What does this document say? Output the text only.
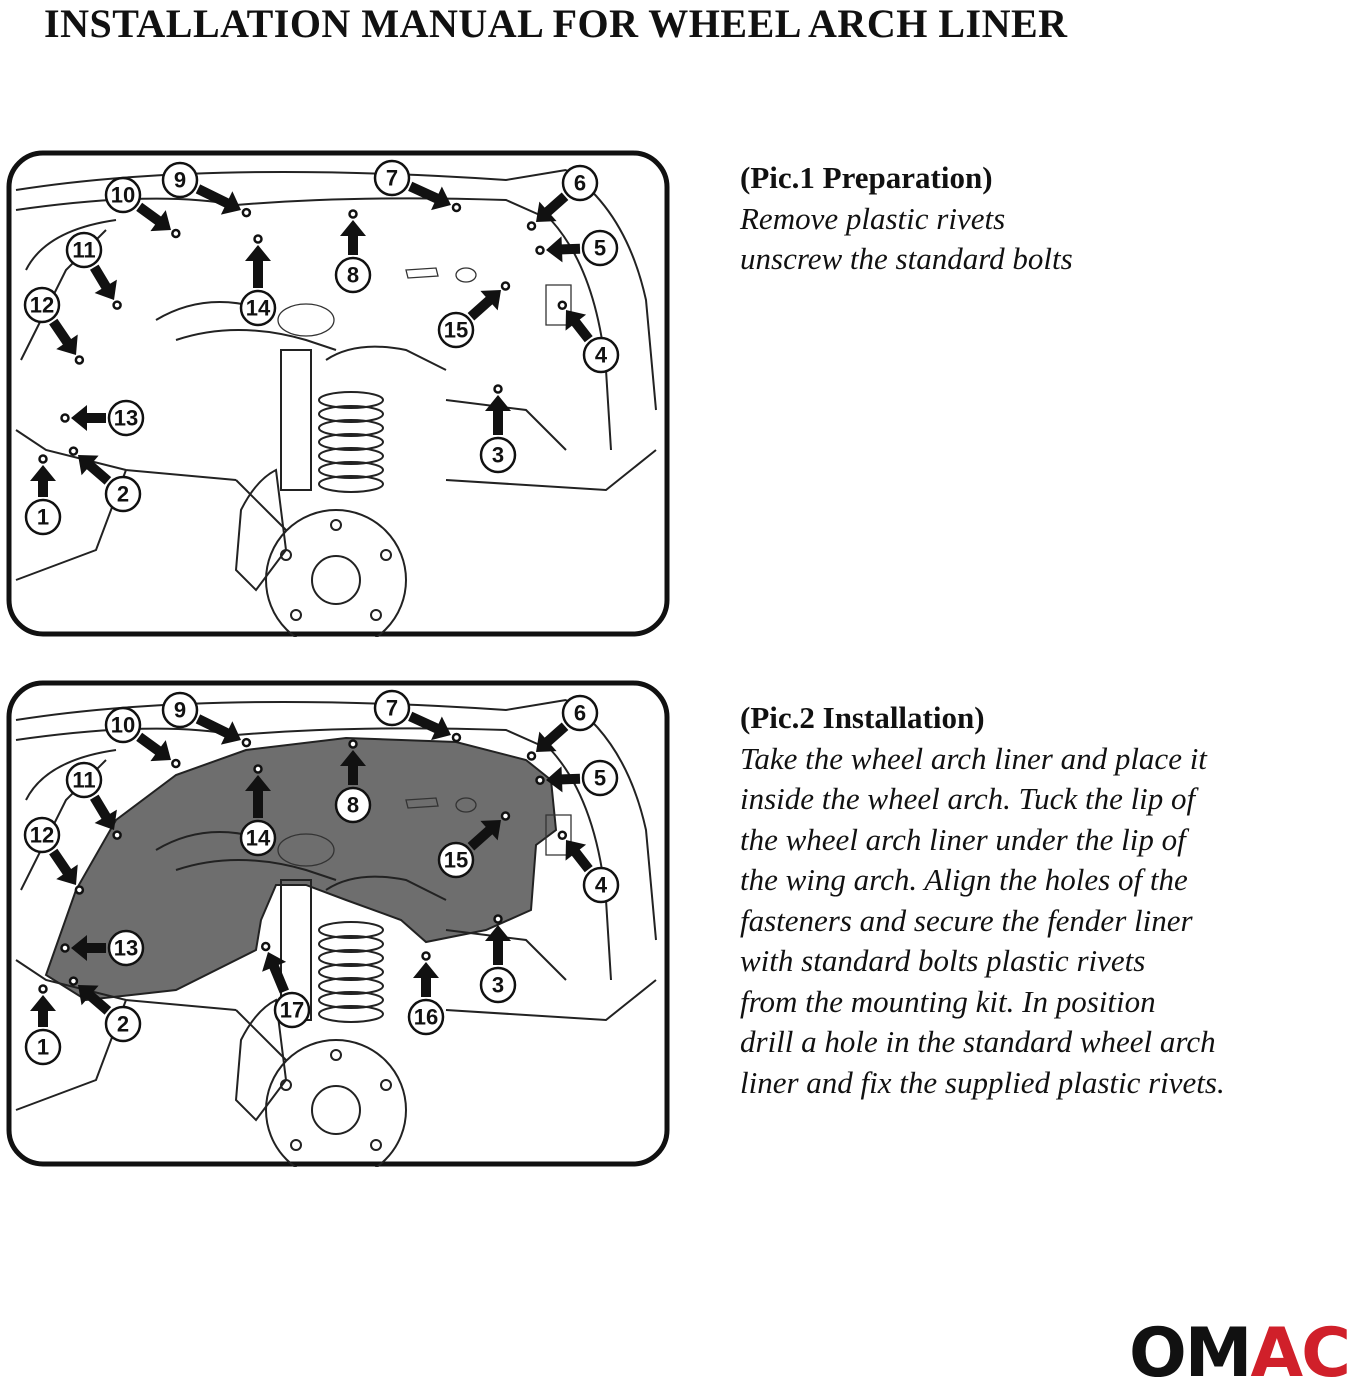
INSTALLATION MANUAL FOR WHEEL ARCH LINER
1
2
3
4
5
6
7
8
9
10
11
12
13
14
15
1
2
3
4
5
6
7
8
9
10
11
12
13
14
15
16
17
(Pic.1 Preparation)
Remove plastic rivets
unscrew the standard bolts
(Pic.2 Installation)
Take the wheel arch liner and place it
inside the wheel arch. Tuck the lip of
the wheel arch liner under the lip of
the wing arch. Align the holes of the
fasteners and secure the fender liner
with standard bolts plastic rivets
from the mounting kit. In position
drill a hole in the standard wheel arch
liner and fix the supplied plastic rivets.
OMAC
